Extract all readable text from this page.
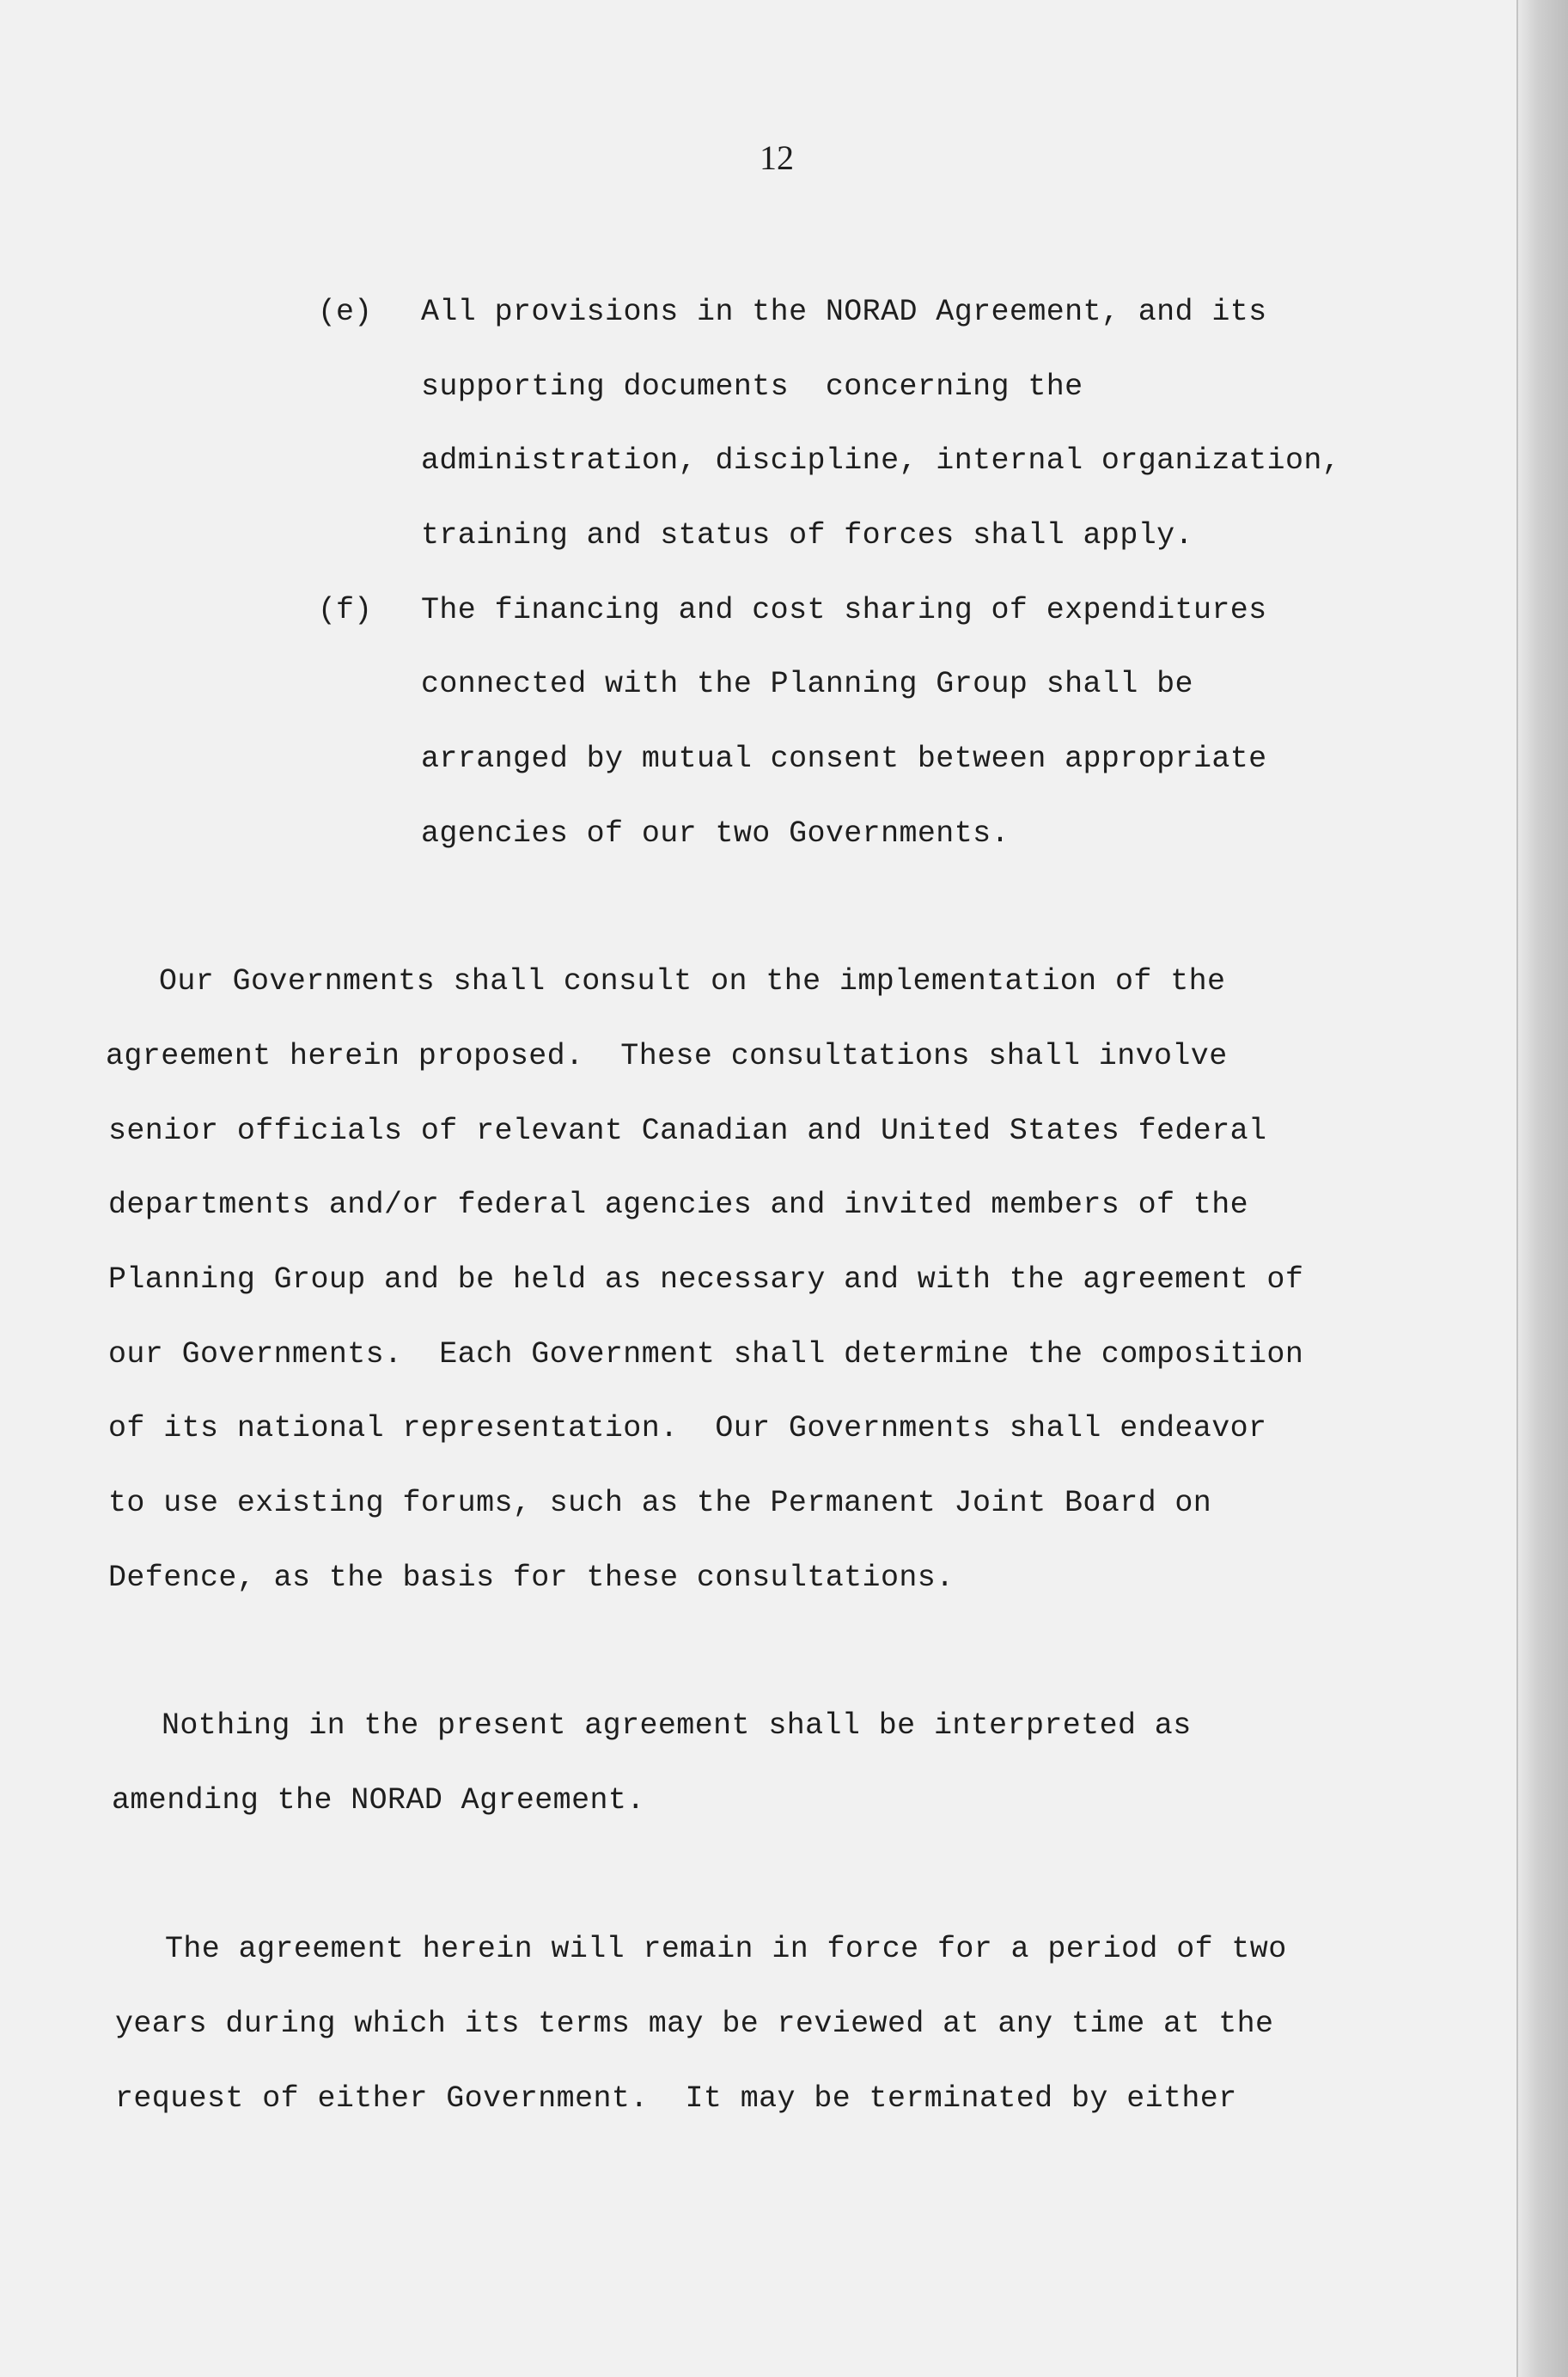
12
(e) All provisions in the NORAD Agreement, and its
supporting documents  concerning the
administration, discipline, internal organization,
training and status of forces shall apply.
(f) The financing and cost sharing of expenditures
connected with the Planning Group shall be
arranged by mutual consent between appropriate
agencies of our two Governments.
Our Governments shall consult on the implementation of the
agreement herein proposed.  These consultations shall involve
senior officials of relevant Canadian and United States federal
departments and/or federal agencies and invited members of the
Planning Group and be held as necessary and with the agreement of
our Governments.  Each Government shall determine the composition
of its national representation.  Our Governments shall endeavor
to use existing forums, such as the Permanent Joint Board on
Defence, as the basis for these consultations.
Nothing in the present agreement shall be interpreted as
amending the NORAD Agreement.
The agreement herein will remain in force for a period of two
years during which its terms may be reviewed at any time at the
request of either Government.  It may be terminated by either
